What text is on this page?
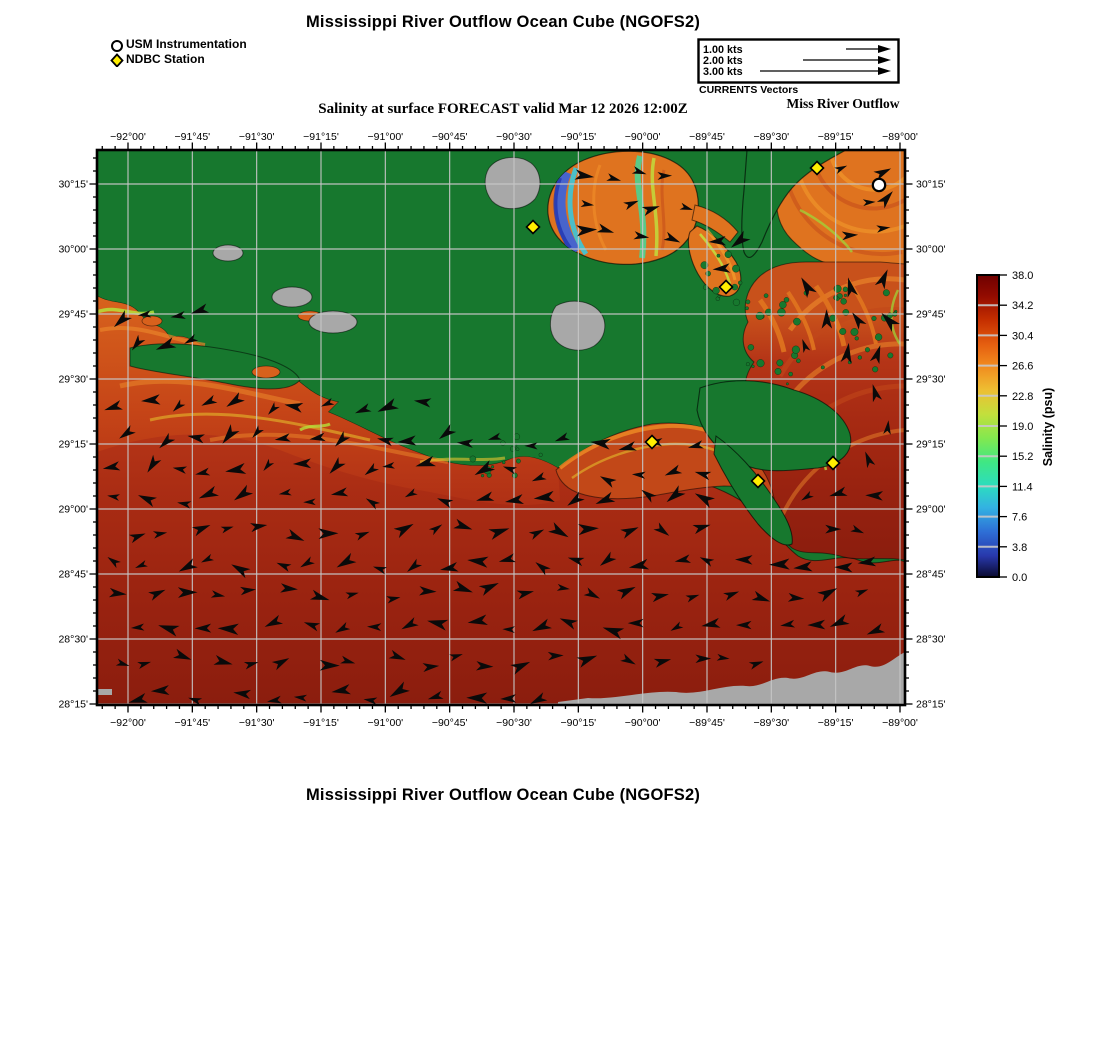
−92°00'
−92°00'
−91°45'
−91°45'
−91°30'
−91°30'
−91°15'
−91°15'
−91°00'
−91°00'
−90°45'
−90°45'
−90°30'
−90°30'
−90°15'
−90°15'
−90°00'
−90°00'
−89°45'
−89°45'
−89°30'
−89°30'
−89°15'
−89°15'
−89°00'
−89°00'
30°15'	30°15'
30°00'	30°00'
29°45'	29°45'
29°30'	29°30'
29°15'	29°15'
29°00'	29°00'
28°45'	28°45'
28°30'	28°30'
28°15'	28°15'
38.0
34.2
30.4
26.6
22.8
19.0
15.2
11.4
7.6
3.8
0.0
Salinity (psu)
Mississippi River Outflow Ocean Cube (NGOFS2)
USM Instrumentation
NDBC Station
1.00 kts
2.00 kts
3.00 kts
CURRENTS Vectors
Miss River Outflow
Salinity at surface FORECAST valid Mar 12 2026 12:00Z
Mississippi River Outflow Ocean Cube (NGOFS2)
